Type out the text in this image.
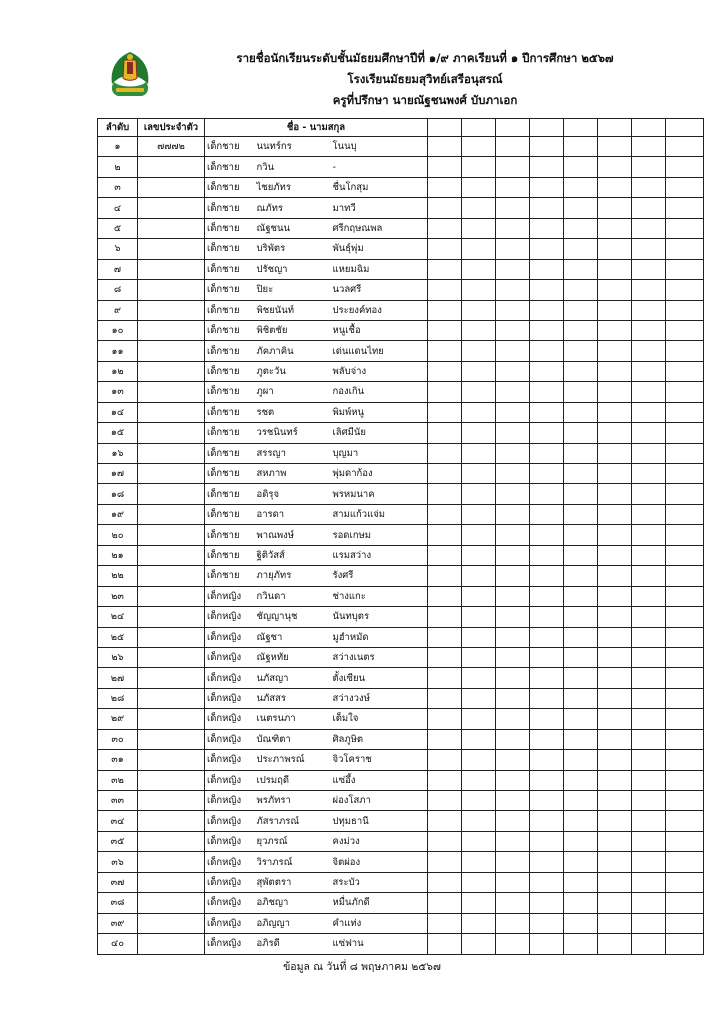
รายชื่อนักเรียนระดับชั้นมัธยมศึกษาปีที่ ๑/๙ ภาคเรียนที่ ๑ ปีการศึกษา ๒๕๖๗
โรงเรียนมัธยมสุวิทย์เสรีอนุสรณ์
ครูที่ปรึกษา นายณัฐชนพงศ์ บับภาเอก
ลำดับ	เลขประจำตัว	ชื่อ - นามสกุล										
๑	๗๗๗๒	เด็กชาย	นนทร์กร	โนนบุ								
๒		เด็กชาย	กวิน	-								
๓		เด็กชาย	ไชยภัทร	ชื่นโกสุม								
๔		เด็กชาย	ณภัทร	มาทวี								
๕		เด็กชาย	ณัฐชนน	ศรีกฤษณพล								
๖		เด็กชาย	บริพัตร	พันธุ์พุ่ม								
๗		เด็กชาย	ปรัชญา	แหยมฉิม								
๘		เด็กชาย	ปิยะ	นวลศรี								
๙		เด็กชาย	พิชยนันท์	ประยงค์ทอง								
๑๐		เด็กชาย	พิชิตชัย	หนูเชื้อ								
๑๑		เด็กชาย	ภัคภาคิน	เด่นแดนไทย								
๑๒		เด็กชาย	ภูตะวัน	พลับจ่าง								
๑๓		เด็กชาย	ภูผา	กองเกิน								
๑๔		เด็กชาย	รชต	พิมพ์หนู								
๑๕		เด็กชาย	วรชนินทร์	เลิศมีนัย								
๑๖		เด็กชาย	สรรญา	บุญมา								
๑๗		เด็กชาย	สหภาพ	พุ่มดาก้อง								
๑๘		เด็กชาย	อดิรุจ	พรหมนาค								
๑๙		เด็กชาย	อารดา	สามแก้วแจ่ม								
๒๐		เด็กชาย	พาณพงษ์	รอดเกษม								
๒๑		เด็กชาย	ฐิติวัสส์	แรมสว่าง								
๒๒		เด็กชาย	ภายุภัทร	รังศรี								
๒๓		เด็กหญิง	กวินดา	ช่างแกะ								
๒๔		เด็กหญิง	ชัญญานุช	นันทบุตร								
๒๕		เด็กหญิง	ณัฐชา	มูฮำหมัด								
๒๖		เด็กหญิง	ณัฐหทัย	สว่างเนตร								
๒๗		เด็กหญิง	นภัสญา	ตั้งเซียน								
๒๘		เด็กหญิง	นภัสสร	สว่างวงษ์								
๒๙		เด็กหญิง	เนตรนภา	เต็มใจ								
๓๐		เด็กหญิง	บัณฑิตา	ศิลภูษิต								
๓๑		เด็กหญิง	ประภาพรณ์	จิวโคราช								
๓๒		เด็กหญิง	เปรมฤดี	แซ่อึ้ง								
๓๓		เด็กหญิง	พรภัทรา	ผ่องโสภา								
๓๔		เด็กหญิง	ภัสราภรณ์	ปทุมธานี								
๓๕		เด็กหญิง	ยุวภรณ์	คงม่วง								
๓๖		เด็กหญิง	วิราภรณ์	จิตผ่อง								
๓๗		เด็กหญิง	สุพัตตรา	สระบัว								
๓๘		เด็กหญิง	อภิชญา	หมื่นภักดี								
๓๙		เด็กหญิง	อภิญญา	คำแท่ง								
๔๐		เด็กหญิง	อภิรดี	แซ่ฟาน								
ข้อมูล ณ วันที่ ๘ พฤษภาคม ๒๕๖๗
